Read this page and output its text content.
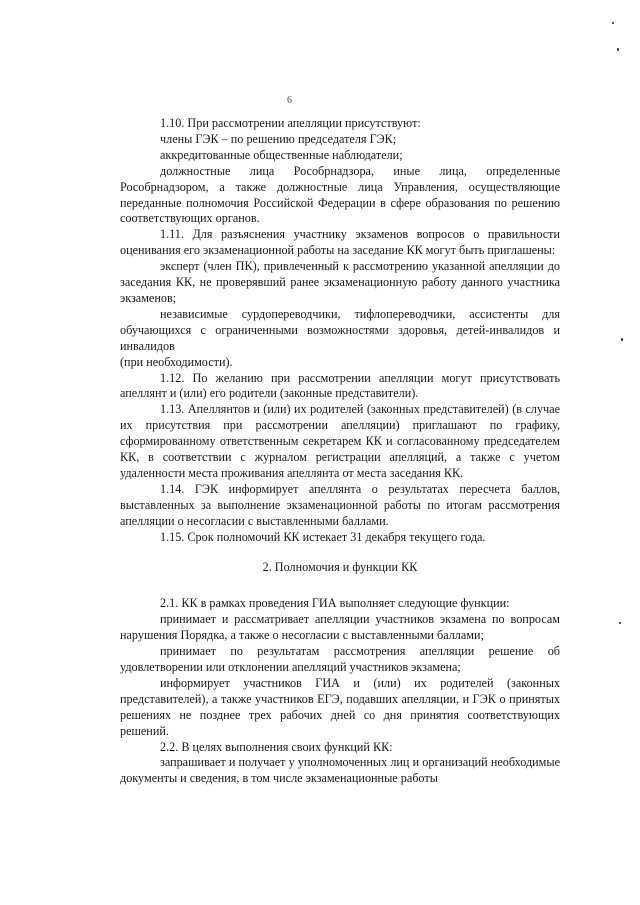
6

1.10. При рассмотрении апелляции присутствуют:

члены ГЭК – по решению председателя ГЭК;

аккредитованные общественные наблюдатели;

должностные лица Рособрнадзора, иные лица, определенные Рособрнадзором, а также должностные лица Управления, осуществляющие переданные полномочия Российской Федерации в сфере образования по решению соответствующих органов.

1.11. Для разъяснения участнику экзаменов вопросов о правильности оценивания его экзаменационной работы на заседание КК могут быть приглашены:

эксперт (член ПК), привлеченный к рассмотрению указанной апелляции до заседания КК, не проверявший ранее экзаменационную работу данного участника экзаменов;

независимые сурдопереводчики, тифлопереводчики, ассистенты для обучающихся с ограниченными возможностями здоровья, детей-инвалидов и инвалидов

(при необходимости).

1.12. По желанию при рассмотрении апелляции могут присутствовать апеллянт и (или) его родители (законные представители).

1.13. Апеллянтов и (или) их родителей (законных представителей) (в случае их присутствия при рассмотрении апелляции) приглашают по графику, сформированному ответственным секретарем КК и согласованному председателем КК, в соответствии с журналом регистрации апелляций, а также с учетом удаленности места проживания апеллянта от места заседания КК.

1.14. ГЭК информирует апеллянта о результатах пересчета баллов, выставленных за выполнение экзаменационной работы по итогам рассмотрения апелляции о несогласии с выставленными баллами.

1.15. Срок полномочий КК истекает 31 декабря текущего года.

2. Полномочия и функции КК

2.1. КК в рамках проведения ГИА выполняет следующие функции:

принимает и рассматривает апелляции участников экзамена по вопросам нарушения Порядка, а также о несогласии с выставленными баллами;

принимает по результатам рассмотрения апелляции решение об удовлетворении или отклонении апелляций участников экзамена;

информирует участников ГИА и (или) их родителей (законных представителей), а также участников ЕГЭ, подавших апелляции, и ГЭК о принятых решениях не позднее трех рабочих дней со дня принятия соответствующих решений.

2.2. В целях выполнения своих функций КК:

запрашивает и получает у уполномоченных лиц и организаций необходимые документы и сведения, в том числе экзаменационные работы
